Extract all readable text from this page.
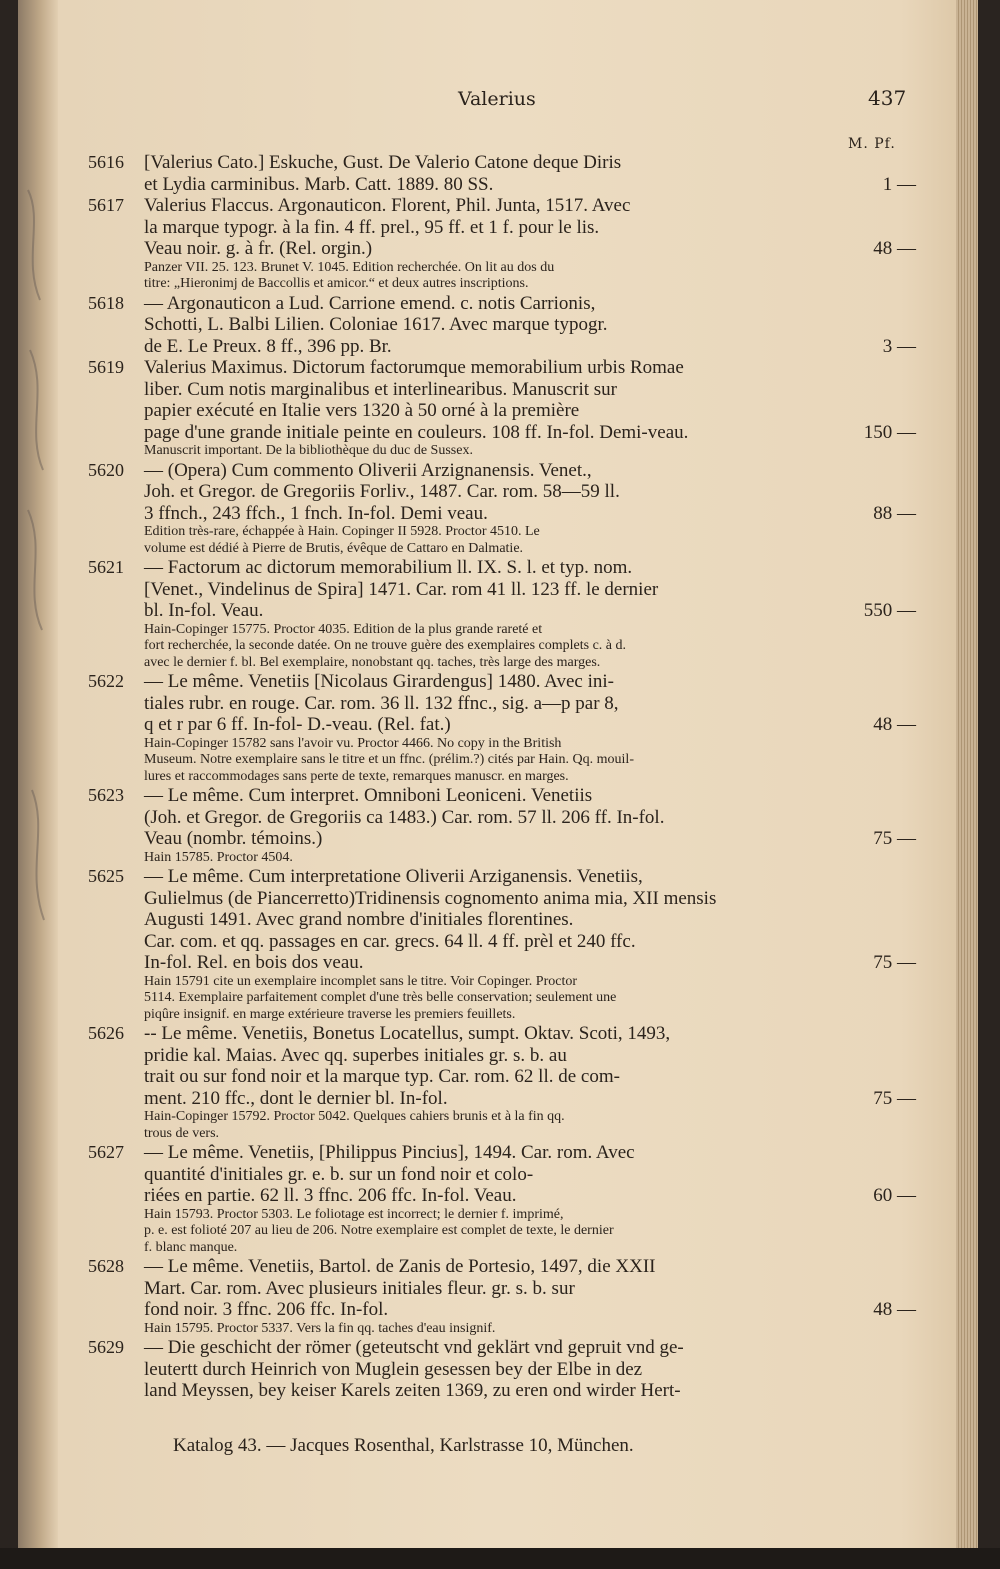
Valerius	437
M. Pf.
5616	[Valerius Cato.] Eskuche, Gust. De Valerio Catone deque Diris
et Lydia carminibus. Marb. Catt. 1889. 80 SS.	1 —
5617	Valerius Flaccus. Argonauticon. Florent, Phil. Junta, 1517. Avec
la marque typogr. à la fin. 4 ff. prel., 95 ff. et 1 f. pour le lis.
Veau noir. g. à fr. (Rel. orgin.)	48 —
Panzer VII. 25. 123. Brunet V. 1045. Edition recherchée. On lit au dos du
titre: „Hieronimj de Baccollis et amicor.“ et deux autres inscriptions.
5618	— Argonauticon a Lud. Carrione emend. c. notis Carrionis,
Schotti, L. Balbi Lilien. Coloniae 1617. Avec marque typogr.
de E. Le Preux. 8 ff., 396 pp. Br.	3 —
5619	Valerius Maximus. Dictorum factorumque memorabilium urbis Romae
liber. Cum notis marginalibus et interlinearibus. Manuscrit sur
papier exécuté en Italie vers 1320 à 50 orné à la première
page d'une grande initiale peinte en couleurs. 108 ff. In-fol. Demi-veau.	150 —
Manuscrit important. De la bibliothèque du duc de Sussex.
5620	— (Opera) Cum commento Oliverii Arzignanensis. Venet.,
Joh. et Gregor. de Gregoriis Forliv., 1487. Car. rom. 58—59 ll.
3 ffnch., 243 ffch., 1 fnch. In-fol. Demi veau.	88 —
Edition très-rare, échappée à Hain. Copinger II 5928. Proctor 4510. Le
volume est dédié à Pierre de Brutis, évêque de Cattaro en Dalmatie.
5621	— Factorum ac dictorum memorabilium ll. IX. S. l. et typ. nom.
[Venet., Vindelinus de Spira] 1471. Car. rom 41 ll. 123 ff. le dernier
bl. In-fol. Veau.	550 —
Hain-Copinger 15775. Proctor 4035. Edition de la plus grande rareté et
fort recherchée, la seconde datée. On ne trouve guère des exemplaires complets c. à d.
avec le dernier f. bl. Bel exemplaire, nonobstant qq. taches, très large des marges.
5622	— Le même. Venetiis [Nicolaus Girardengus] 1480. Avec ini-
tiales rubr. en rouge. Car. rom. 36 ll. 132 ffnc., sig. a—p par 8,
q et r par 6 ff. In-fol- D.-veau. (Rel. fat.)	48 —
Hain-Copinger 15782 sans l'avoir vu. Proctor 4466. No copy in the British
Museum. Notre exemplaire sans le titre et un ffnc. (prélim.?) cités par Hain. Qq. mouil-
lures et raccommodages sans perte de texte, remarques manuscr. en marges.
5623	— Le même. Cum interpret. Omniboni Leoniceni. Venetiis
(Joh. et Gregor. de Gregoriis ca 1483.) Car. rom. 57 ll. 206 ff. In-fol.
Veau (nombr. témoins.)	75 —
Hain 15785. Proctor 4504.
5625	— Le même. Cum interpretatione Oliverii Arziganensis. Venetiis,
Gulielmus (de Piancerretto)Tridinensis cognomento anima mia, XII mensis
Augusti 1491. Avec grand nombre d'initiales florentines.
Car. com. et qq. passages en car. grecs. 64 ll. 4 ff. prèl et 240 ffc.
In-fol. Rel. en bois dos veau.	75 —
Hain 15791 cite un exemplaire incomplet sans le titre. Voir Copinger. Proctor
5114. Exemplaire parfaitement complet d'une très belle conservation; seulement une
piqûre insignif. en marge extérieure traverse les premiers feuillets.
5626	-- Le même. Venetiis, Bonetus Locatellus, sumpt. Oktav. Scoti, 1493,
pridie kal. Maias. Avec qq. superbes initiales gr. s. b. au
trait ou sur fond noir et la marque typ. Car. rom. 62 ll. de com-
ment. 210 ffc., dont le dernier bl. In-fol.	75 —
Hain-Copinger 15792. Proctor 5042. Quelques cahiers brunis et à la fin qq.
trous de vers.
5627	— Le même. Venetiis, [Philippus Pincius], 1494. Car. rom. Avec
quantité d'initiales gr. e. b. sur un fond noir et colo-
riées en partie. 62 ll. 3 ffnc. 206 ffc. In-fol. Veau.	60 —
Hain 15793. Proctor 5303. Le foliotage est incorrect; le dernier f. imprimé,
p. e. est folioté 207 au lieu de 206. Notre exemplaire est complet de texte, le dernier
f. blanc manque.
5628	— Le même. Venetiis, Bartol. de Zanis de Portesio, 1497, die XXII
Mart. Car. rom. Avec plusieurs initiales fleur. gr. s. b. sur
fond noir. 3 ffnc. 206 ffc. In-fol.	48 —
Hain 15795. Proctor 5337. Vers la fin qq. taches d'eau insignif.
5629	— Die geschicht der römer (geteutscht vnd geklärt vnd gepruit vnd ge-
leutertt durch Heinrich von Muglein gesessen bey der Elbe in dez
land Meyssen, bey keiser Karels zeiten 1369, zu eren ond wirder Hert-
Katalog 43. — Jacques Rosenthal, Karlstrasse 10, München.
